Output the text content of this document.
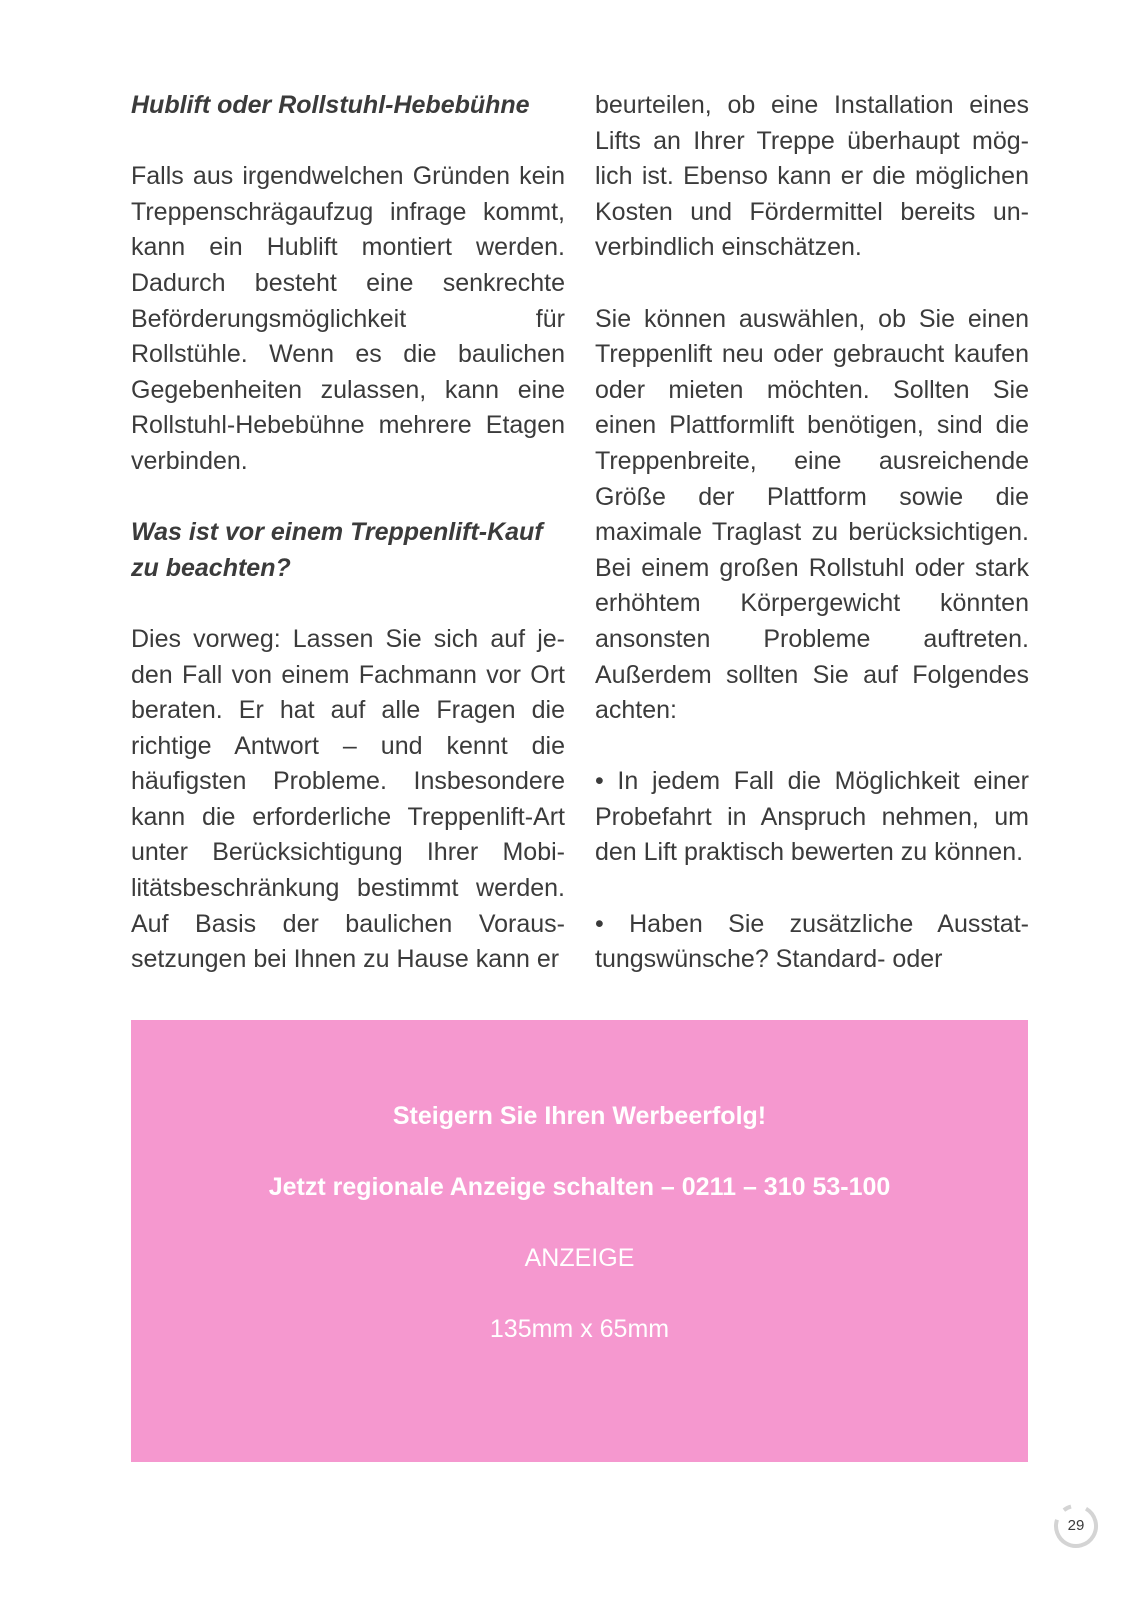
Hublift oder Rollstuhl-Hebebühne

Falls aus irgendwelchen Gründen kein Treppenschrägaufzug infrage kommt, kann ein Hublift montiert werden. Dadurch besteht eine senkrechte Beförderungsmöglichkeit für Rollstühle. Wenn es die baulichen Gegebenheiten zulassen, kann eine Rollstuhl-Hebebühne mehrere Etagen verbinden.

Was ist vor einem Treppenlift-Kauf zu beachten?

Dies vorweg: Lassen Sie sich auf jeden Fall von einem Fachmann vor Ort beraten. Er hat auf alle Fragen die richtige Antwort – und kennt die häufigsten Probleme. Insbesondere kann die erforderliche Treppenlift-Art unter Berücksichtigung Ihrer Mobilitätsbeschränkung bestimmt werden. Auf Basis der baulichen Voraussetzungen bei Ihnen zu Hause kann er

beurteilen, ob eine Installation eines Lifts an Ihrer Treppe überhaupt möglich ist. Ebenso kann er die möglichen Kosten und Fördermittel bereits unverbindlich einschätzen.

Sie können auswählen, ob Sie einen Treppenlift neu oder gebraucht kaufen oder mieten möchten. Sollten Sie einen Plattformlift benötigen, sind die Treppenbreite, eine ausreichende Größe der Plattform sowie die maximale Traglast zu berücksichtigen. Bei einem großen Rollstuhl oder stark erhöhtem Körpergewicht könnten ansonsten Probleme auftreten. Außerdem sollten Sie auf Folgendes achten:

• In jedem Fall die Möglichkeit einer Probefahrt in Anspruch nehmen, um den Lift praktisch bewerten zu können.

• Haben Sie zusätzliche Ausstattungswünsche? Standard- oder

Steigern Sie Ihren Werbeerfolg!
Jetzt regionale Anzeige schalten – 0211 – 310 53-100
ANZEIGE
135mm x 65mm
29
